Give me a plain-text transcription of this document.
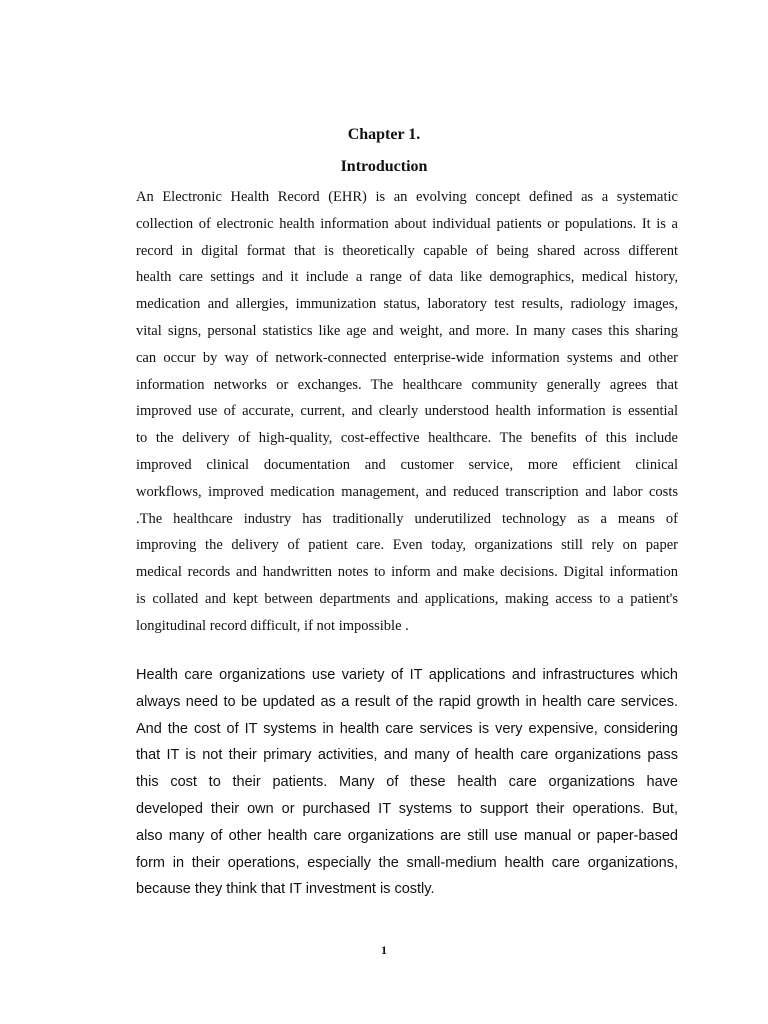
Chapter 1.
Introduction

An Electronic Health Record (EHR) is an evolving concept defined as a systematic
collection of electronic health information about individual patients or populations. It is a
record in digital format that is theoretically capable of being shared across different
health care settings and it include a range of data like demographics, medical history,
medication and allergies, immunization status, laboratory test results, radiology images,
vital signs, personal statistics like age and weight, and more. In many cases this sharing
can occur by way of network-connected enterprise-wide information systems and other
information networks or exchanges. The healthcare community generally agrees that
improved use of accurate, current, and clearly understood health information is essential
to the delivery of high-quality, cost-effective healthcare. The benefits of this include
improved clinical documentation and customer service, more efficient clinical
workflows, improved medication management, and reduced transcription and labor costs
.The healthcare industry has traditionally underutilized technology as a means of
improving the delivery of patient care. Even today, organizations still rely on paper
medical records and handwritten notes to inform and make decisions. Digital information
is collated and kept between departments and applications, making access to a patient's
longitudinal record difficult, if not impossible .

Health care organizations use variety of IT applications and infrastructures which
always need to be updated as a result of the rapid growth in health care services.
And the cost of IT systems in health care services is very expensive, considering
that IT is not their primary activities, and many of health care organizations pass
this cost to their patients. Many of these health care organizations have
developed their own or purchased IT systems to support their operations. But,
also many of other health care organizations are still use manual or paper-based
form in their operations, especially the small-medium health care organizations,
because they think that IT investment is costly.

1
